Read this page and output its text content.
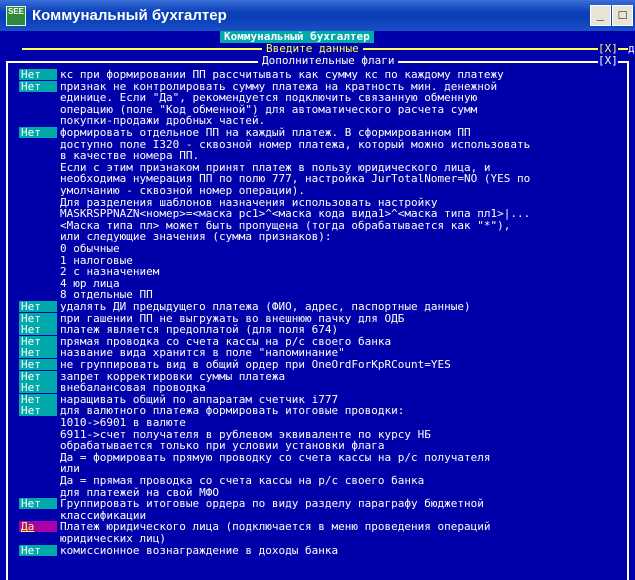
SEE Коммунальный бухгалтер	_	□
Коммунальный бухгалтер
Введите данные	[X] д
Дополнительные флаги	[X]
Нет	кс при формировании ПП рассчитывать как сумму кс по каждому платежу
Нет	признак не контролировать сумму платежа на кратность мин. денежной
единице. Если "Да", рекомендуется подключить связанную обменную
операцию (поле "Код обменной") для автоматического расчета сумм
покупки-продажи дробных частей.
Нет	формировать отдельное ПП на каждый платеж. В сформированном ПП
доступно поле I320 - сквозной номер платежа, который можно использовать
в качестве номера ПП.
Если с этим признаком принят платеж в пользу юридического лица, и
необходима нумерация ПП по полю 777, настройка JurTotalNomer=NO (YES по
умолчанию - сквозной номер операции).
Для разделения шаблонов назначения использовать настройку
MASKRSPPNAZN<номер>=<маска рс1>^<маска кода вида1>^<маска типа пл1>|...
<Маска типа пл> может быть пропущена (тогда обрабатывается как "*"),
или следующие значения (сумма признаков):
0 обычные
1 налоговые
2 с назначением
4 юр лица
8 отдельные ПП
Нет	удалять ДИ предыдущего платежа (ФИО, адрес, паспортные данные)
Нет	при гашении ПП не выгружать во внешнюю пачку для ОДБ
Нет	платеж является предоплатой (для поля 674)
Нет	прямая проводка со счета кассы на р/с своего банка
Нет	название вида хранится в поле "напоминание"
Нет	не группировать вид в общий ордер при OneOrdForKpRCount=YES
Нет	запрет корректировки суммы платежа
Нет	внебалансовая проводка
Нет	наращивать общий по аппаратам счетчик i777
Нет	для валютного платежа формировать итоговые проводки:
1010->6901 в валюте
6911->счет получателя в рублевом эквиваленте по курсу НБ
обрабатывается только при условии установки флага
Да = формировать прямую проводку со счета кассы на р/с получателя
или
Да = прямая проводка со счета кассы на р/с своего банка
для платежей на свой МФО
Нет	Группировать итоговые ордера по виду разделу параграфу бюджетной
классификации
Да	Платеж юридического лица (подключается в меню проведения операций
юридических лиц)
Нет	комиссионное вознаграждение в доходы банка
